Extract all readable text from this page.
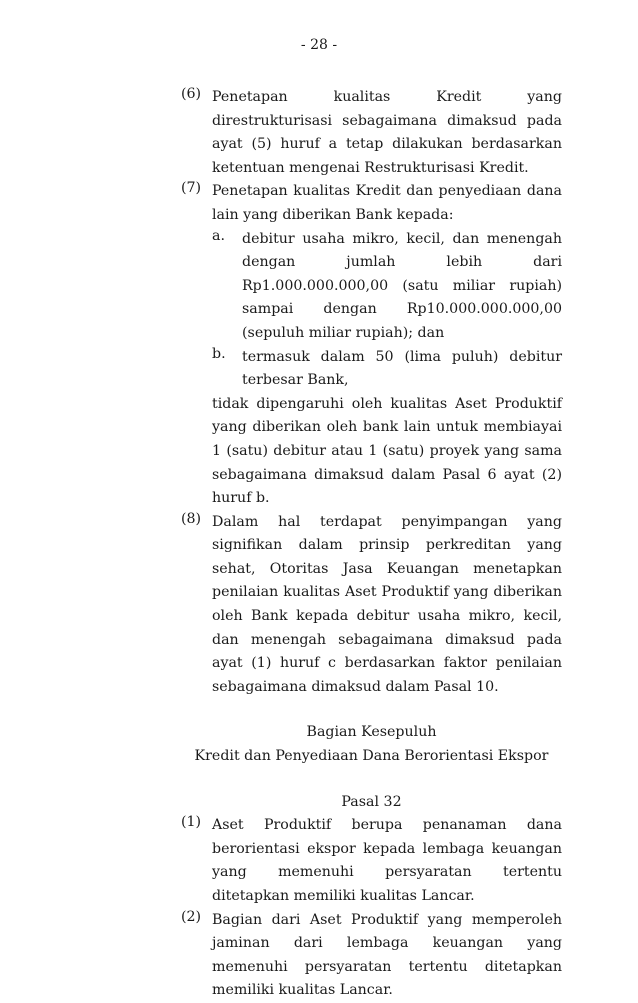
- 28 -
(6) Penetapan kualitas Kredit yang direstrukturisasi sebagaimana dimaksud pada ayat (5) huruf a tetap dilakukan berdasarkan ketentuan mengenai Restrukturisasi Kredit.
(7) Penetapan kualitas Kredit dan penyediaan dana lain yang diberikan Bank kepada:
a. debitur usaha mikro, kecil, dan menengah dengan jumlah lebih dari Rp1.000.000.000,00 (satu miliar rupiah) sampai dengan Rp10.000.000.000,00 (sepuluh miliar rupiah); dan
b. termasuk dalam 50 (lima puluh) debitur terbesar Bank,
tidak dipengaruhi oleh kualitas Aset Produktif yang diberikan oleh bank lain untuk membiayai 1 (satu) debitur atau 1 (satu) proyek yang sama sebagaimana dimaksud dalam Pasal 6 ayat (2) huruf b.
(8) Dalam hal terdapat penyimpangan yang signifikan dalam prinsip perkreditan yang sehat, Otoritas Jasa Keuangan menetapkan penilaian kualitas Aset Produktif yang diberikan oleh Bank kepada debitur usaha mikro, kecil, dan menengah sebagaimana dimaksud pada ayat (1) huruf c berdasarkan faktor penilaian sebagaimana dimaksud dalam Pasal 10.
Bagian Kesepuluh
Kredit dan Penyediaan Dana Berorientasi Ekspor
Pasal 32
(1) Aset Produktif berupa penanaman dana berorientasi ekspor kepada lembaga keuangan yang memenuhi persyaratan tertentu ditetapkan memiliki kualitas Lancar.
(2) Bagian dari Aset Produktif yang memperoleh jaminan dari lembaga keuangan yang memenuhi persyaratan tertentu ditetapkan memiliki kualitas Lancar.
